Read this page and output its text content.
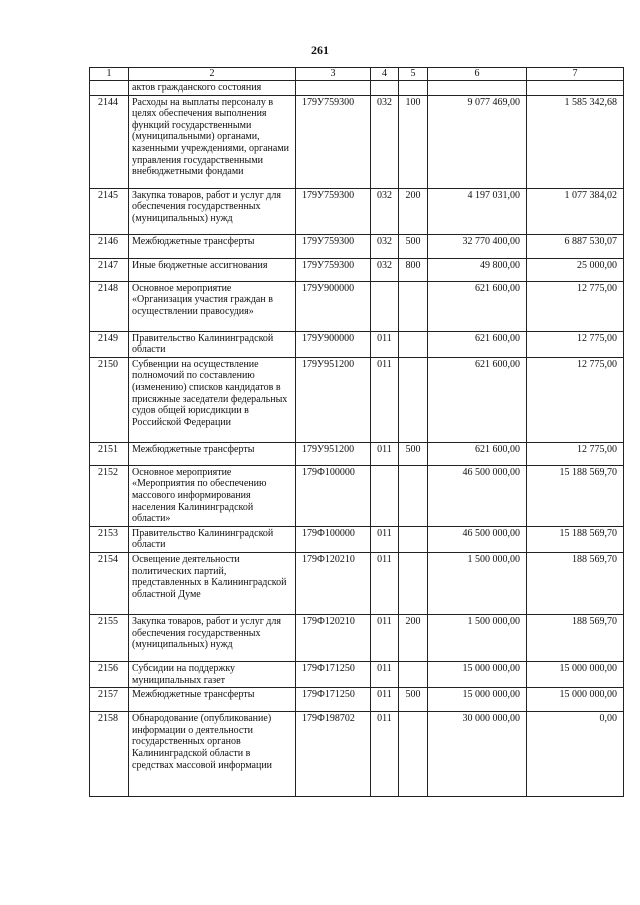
261
1	2	3	4	5	6	7
	актов гражданского состояния					
2144	Расходы на выплаты персоналу в целях обеспечения выполнения функций государственными (муниципальными) органами, казенными учреждениями, органами управления государственными внебюджетными фондами	179У759300	032	100	9 077 469,00	1 585 342,68
2145	Закупка товаров, работ и услуг для обеспечения государственных (муниципальных) нужд	179У759300	032	200	4 197 031,00	1 077 384,02
2146	Межбюджетные трансферты	179У759300	032	500	32 770 400,00	6 887 530,07
2147	Иные бюджетные ассигнования	179У759300	032	800	49 800,00	25 000,00
2148	Основное мероприятие «Организация участия граждан в осуществлении правосудия»	179У900000			621 600,00	12 775,00
2149	Правительство Калининградской области	179У900000	011		621 600,00	12 775,00
2150	Субвенции на осуществление полномочий по составлению (изменению) списков кандидатов в присяжные заседатели федеральных судов общей юрисдикции в Российской Федерации	179У951200	011		621 600,00	12 775,00
2151	Межбюджетные трансферты	179У951200	011	500	621 600,00	12 775,00
2152	Основное мероприятие «Мероприятия по обеспечению массового информирования населения Калининградской области»	179Ф100000			46 500 000,00	15 188 569,70
2153	Правительство Калининградской области	179Ф100000	011		46 500 000,00	15 188 569,70
2154	Освещение деятельности политических партий, представленных в Калининградской областной Думе	179Ф120210	011		1 500 000,00	188 569,70
2155	Закупка товаров, работ и услуг для обеспечения государственных (муниципальных) нужд	179Ф120210	011	200	1 500 000,00	188 569,70
2156	Субсидии на поддержку муниципальных газет	179Ф171250	011		15 000 000,00	15 000 000,00
2157	Межбюджетные трансферты	179Ф171250	011	500	15 000 000,00	15 000 000,00
2158	Обнародование (опубликование) информации о деятельности государственных органов Калининградской области в средствах массовой информации	179Ф198702	011		30 000 000,00	0,00
